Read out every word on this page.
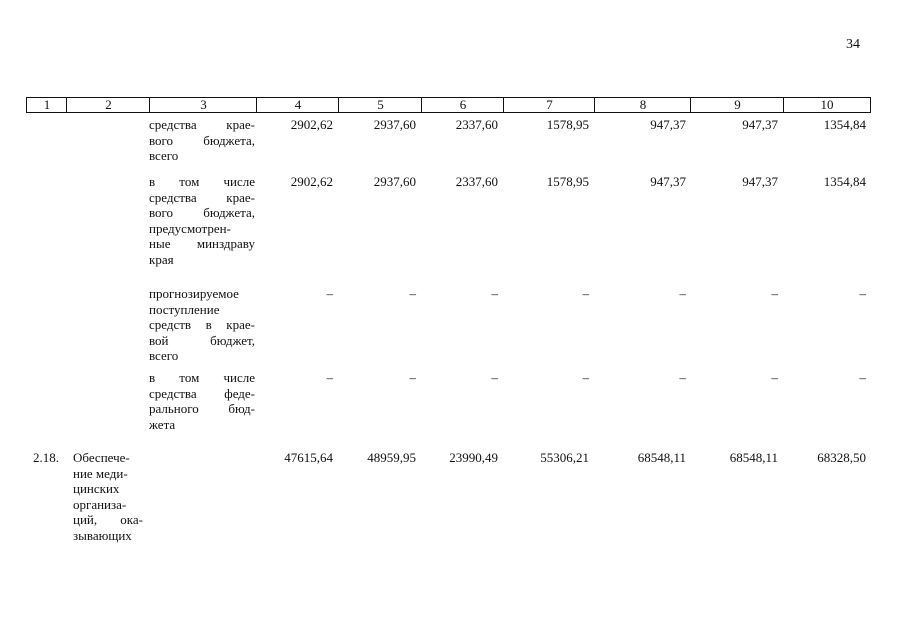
34
1	2	3	4	5	6	7	8	9	10
средства крае-
вого бюджета,
всего
2902,62	2937,60	2337,60	1578,95	947,37	947,37	1354,84
в том числе
средства крае-
вого бюджета,
предусмотрен-
ные минздраву
края
2902,62	2937,60	2337,60	1578,95	947,37	947,37	1354,84
прогнозируемое
поступление
средств в крае-
вой бюджет,
всего
–	–	–	–	–	–	–
в том числе
средства феде-
рального бюд-
жета
–	–	–	–	–	–	–
2.18. Обеспече-
ние меди-
цинских
организа-
ций, ока-
зывающих
47615,64	48959,95	23990,49	55306,21	68548,11	68548,11	68328,50
